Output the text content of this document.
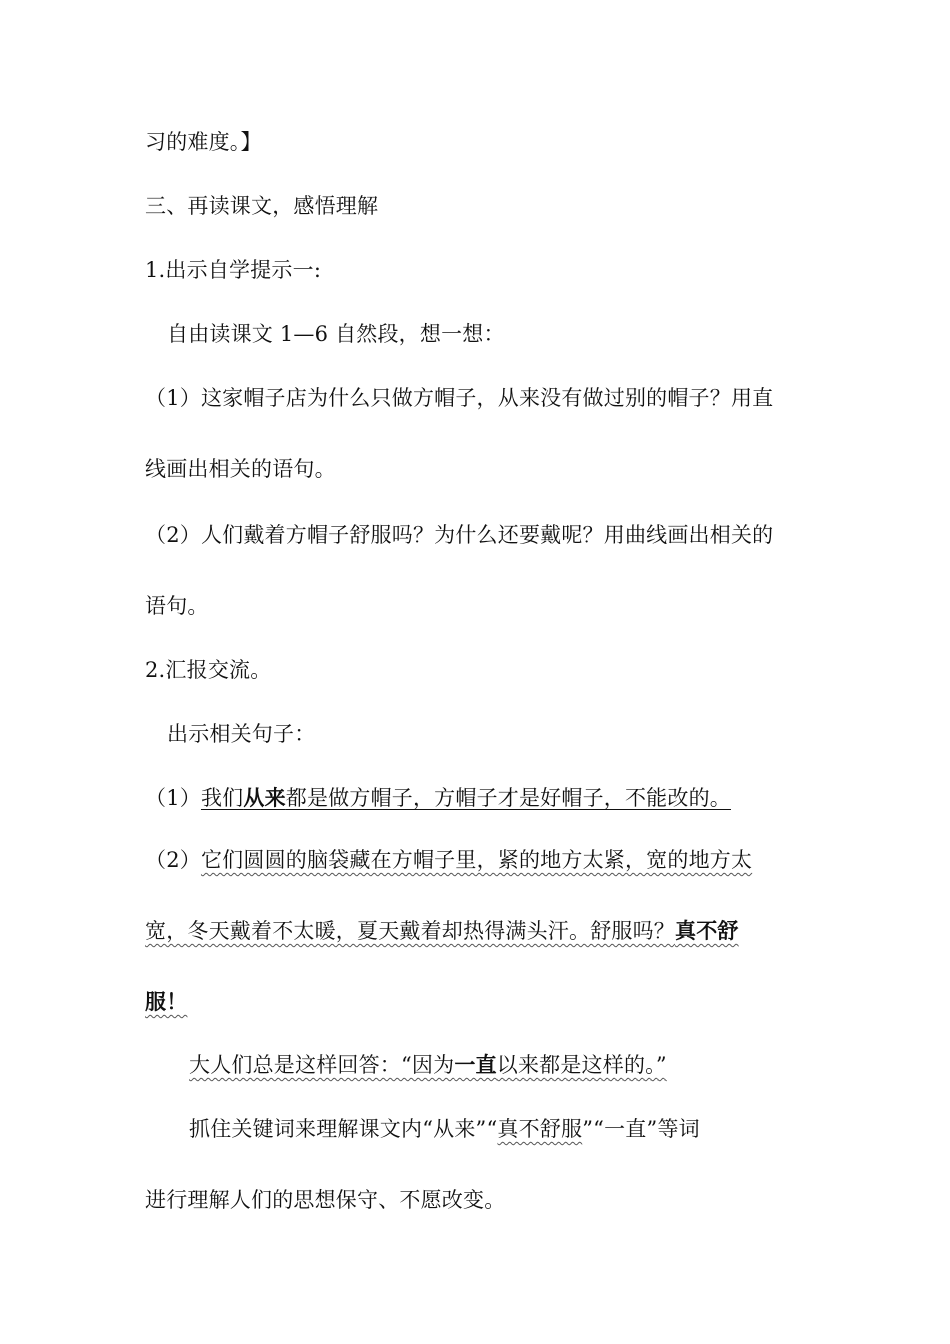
习的难度。】
三、再读课文，感悟理解
1.出示自学提示一:
自由读课文 1—6 自然段，想一想：
（1）这家帽子店为什么只做方帽子，从来没有做过别的帽子？用直
线画出相关的语句。
（2）人们戴着方帽子舒服吗？为什么还要戴呢？用曲线画出相关的
语句。
2.汇报交流。
出示相关句子：
（1）我们从来都是做方帽子，方帽子才是好帽子，不能改的。
（2）它们圆圆的脑袋藏在方帽子里，紧的地方太紧，宽的地方太
宽，冬天戴着不太暖，夏天戴着却热得满头汗。舒服吗？真不舒
服！
大人们总是这样回答：“因为一直以来都是这样的。”
抓住关键词来理解课文内“从来”“真不舒服”“一直”等词
进行理解人们的思想保守、不愿改变。
